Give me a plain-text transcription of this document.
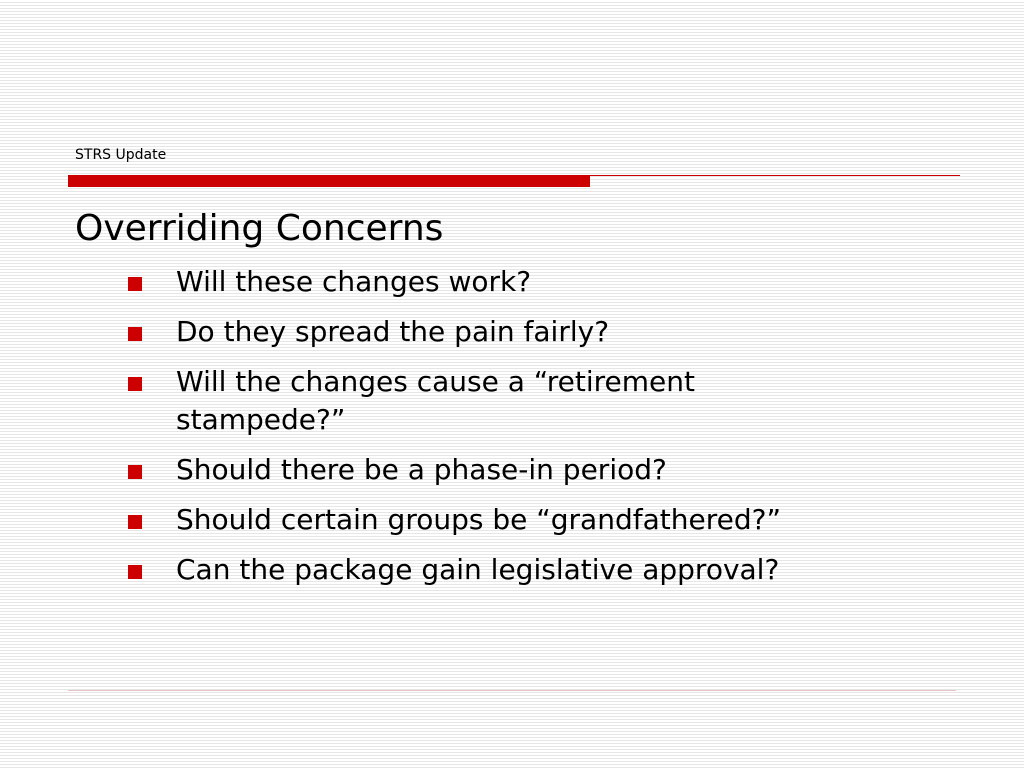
STRS Update
Overriding Concerns
Will these changes work?
Do they spread the pain fairly?
Will the changes cause a “retirement stampede?”
Should there be a phase-in period?
Should certain groups be “grandfathered?”
Can the package gain legislative approval?
